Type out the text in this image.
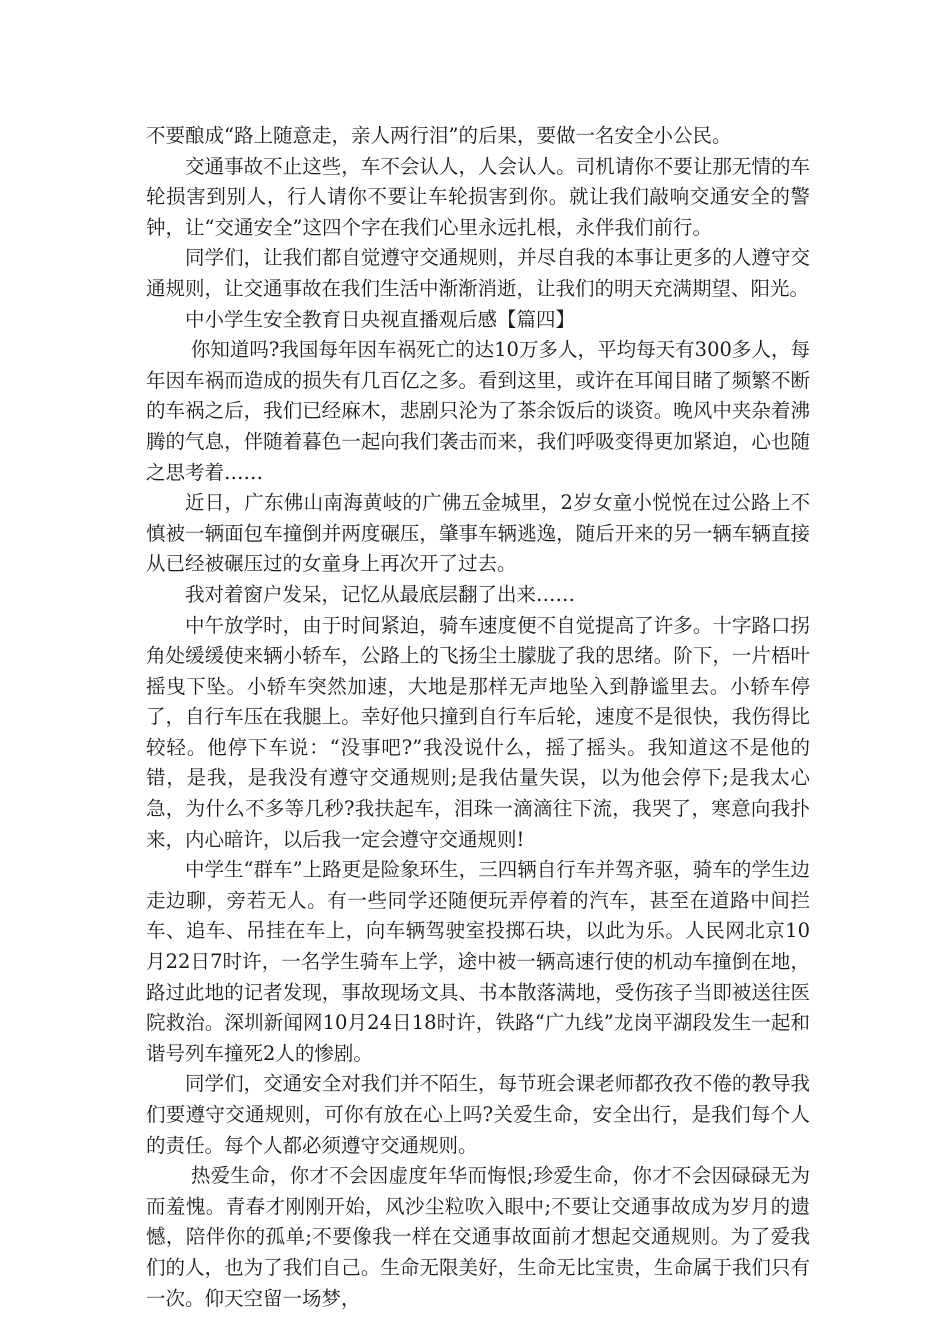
不要酿成“路上随意走，亲人两行泪”的后果，要做一名安全小公民。

交通事故不止这些，车不会认人，人会认人。司机请你不要让那无情的车轮损害到别人，行人请你不要让车轮损害到你。就让我们敲响交通安全的警钟，让“交通安全”这四个字在我们心里永远扎根，永伴我们前行。

同学们，让我们都自觉遵守交通规则，并尽自我的本事让更多的人遵守交通规则，让交通事故在我们生活中渐渐消逝，让我们的明天充满期望、阳光。

中小学生安全教育日央视直播观后感【篇四】

你知道吗?我国每年因车祸死亡的达10万多人，平均每天有300多人，每年因车祸而造成的损失有几百亿之多。看到这里，或许在耳闻目睹了频繁不断的车祸之后，我们已经麻木，悲剧只沦为了茶余饭后的谈资。晚风中夹杂着沸腾的气息，伴随着暮色一起向我们袭击而来，我们呼吸变得更加紧迫，心也随之思考着……

近日，广东佛山南海黄岐的广佛五金城里，2岁女童小悦悦在过公路上不慎被一辆面包车撞倒并两度碾压，肇事车辆逃逸，随后开来的另一辆车辆直接从已经被碾压过的女童身上再次开了过去。

我对着窗户发呆，记忆从最底层翻了出来……

中午放学时，由于时间紧迫，骑车速度便不自觉提高了许多。十字路口拐角处缓缓使来辆小轿车，公路上的飞扬尘土朦胧了我的思绪。阶下，一片梧叶摇曳下坠。小轿车突然加速，大地是那样无声地坠入到静谧里去。小轿车停了，自行车压在我腿上。幸好他只撞到自行车后轮，速度不是很快，我伤得比较轻。他停下车说：“没事吧?”我没说什么，摇了摇头。我知道这不是他的错，是我，是我没有遵守交通规则;是我估量失误，以为他会停下;是我太心急，为什么不多等几秒?我扶起车，泪珠一滴滴往下流，我哭了，寒意向我扑来，内心暗许，以后我一定会遵守交通规则!

中学生“群车”上路更是险象环生，三四辆自行车并驾齐驱，骑车的学生边走边聊，旁若无人。有一些同学还随便玩弄停着的汽车，甚至在道路中间拦车、追车、吊挂在车上，向车辆驾驶室投掷石块，以此为乐。人民网北京10月22日7时许，一名学生骑车上学，途中被一辆高速行使的机动车撞倒在地，路过此地的记者发现，事故现场文具、书本散落满地，受伤孩子当即被送往医院救治。深圳新闻网10月24日18时许，铁路“广九线”龙岗平湖段发生一起和谐号列车撞死2人的惨剧。

同学们，交通安全对我们并不陌生，每节班会课老师都孜孜不倦的教导我们要遵守交通规则，可你有放在心上吗?关爱生命，安全出行，是我们每个人的责任。每个人都必须遵守交通规则。

热爱生命，你才不会因虚度年华而悔恨;珍爱生命，你才不会因碌碌无为而羞愧。青春才刚刚开始，风沙尘粒吹入眼中;不要让交通事故成为岁月的遗憾，陪伴你的孤单;不要像我一样在交通事故面前才想起交通规则。为了爱我们的人，也为了我们自己。生命无限美好，生命无比宝贵，生命属于我们只有一次。仰天空留一场梦，
